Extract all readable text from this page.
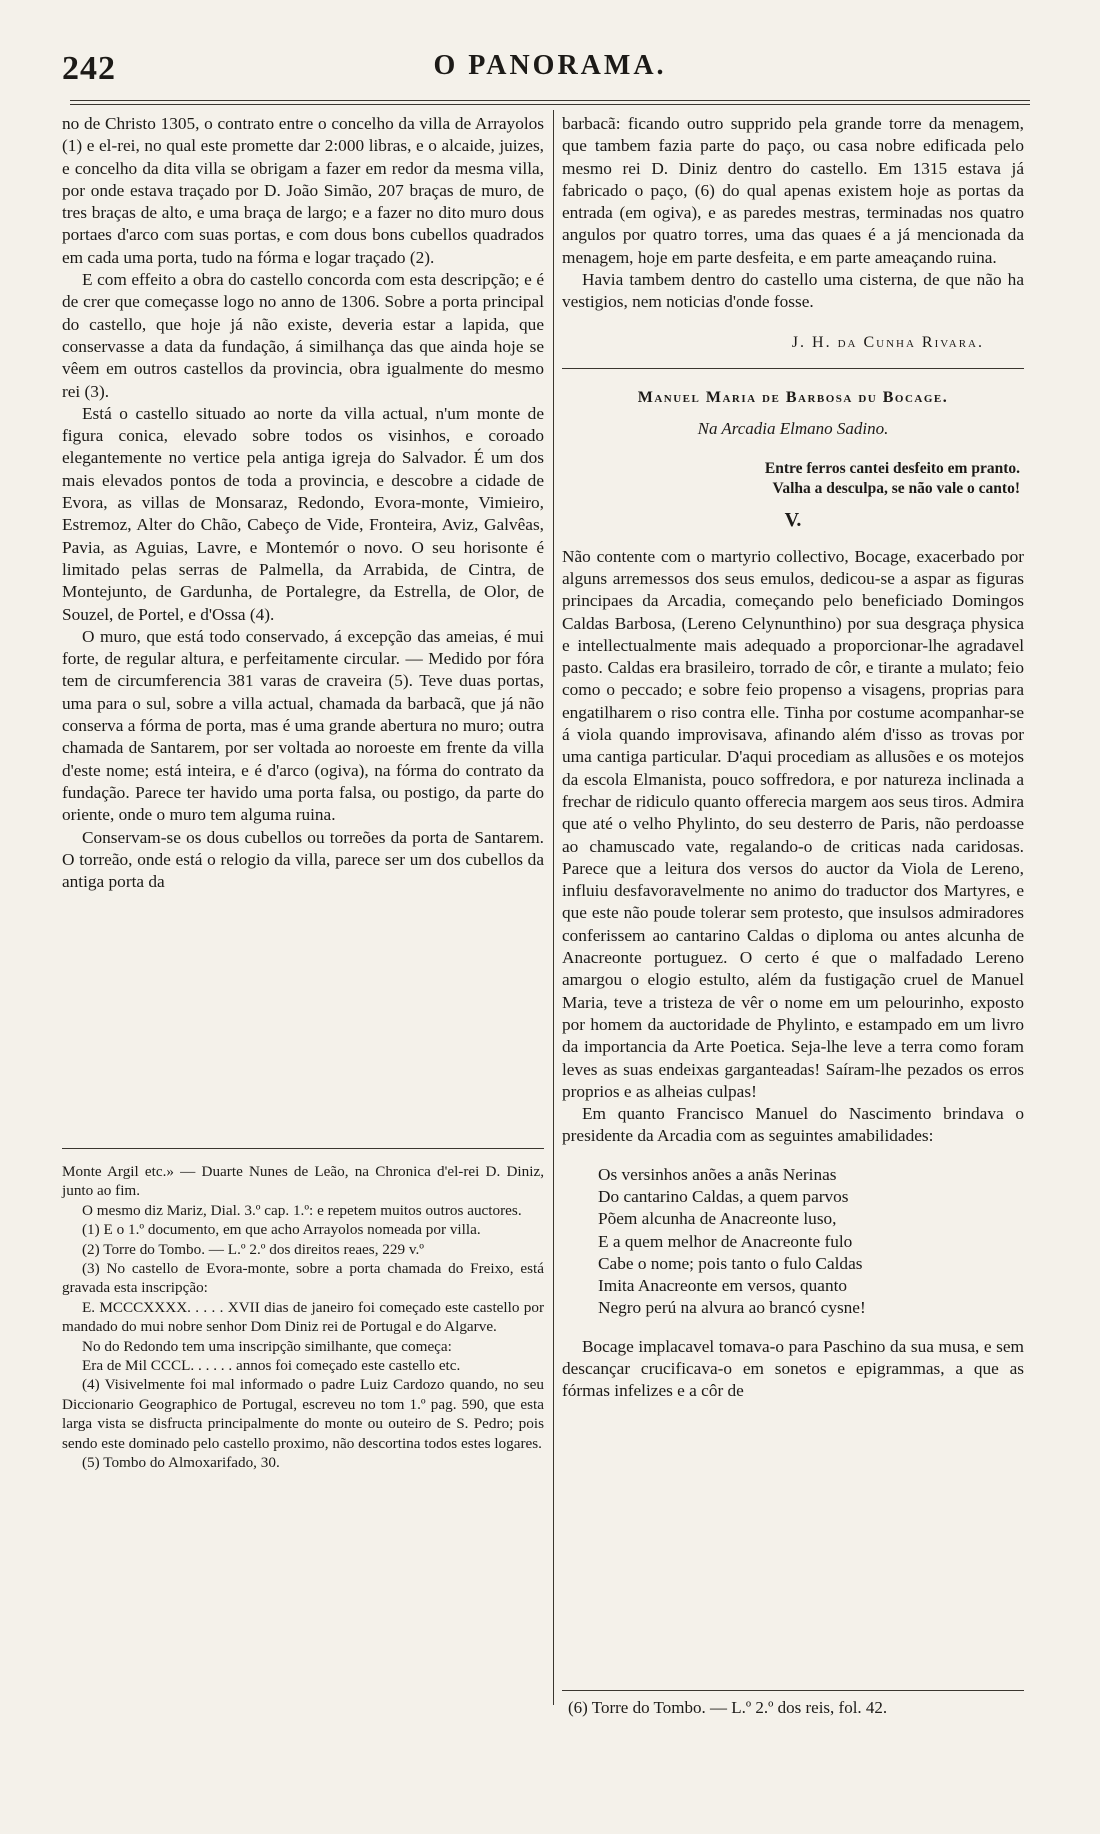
242	O PANORAMA.

no de Christo 1305, o contrato entre o concelho da villa de Arrayolos (1) e el-rei, no qual este promette dar 2:000 libras, e o alcaide, juizes, e concelho da dita villa se obrigam a fazer em redor da mesma villa, por onde estava traçado por D. João Simão, 207 braças de muro, de tres braças de alto, e uma braça de largo; e a fazer no dito muro dous portaes d'arco com suas portas, e com dous bons cubellos quadrados em cada uma porta, tudo na fórma e logar traçado (2).

E com effeito a obra do castello concorda com esta descripção; e é de crer que começasse logo no anno de 1306. Sobre a porta principal do castello, que hoje já não existe, deveria estar a lapida, que conservasse a data da fundação, á similhança das que ainda hoje se vêem em outros castellos da provincia, obra igualmente do mesmo rei (3).

Está o castello situado ao norte da villa actual, n'um monte de figura conica, elevado sobre todos os visinhos, e coroado elegantemente no vertice pela antiga igreja do Salvador. É um dos mais elevados pontos de toda a provincia, e descobre a cidade de Evora, as villas de Monsaraz, Redondo, Evora-monte, Vimieiro, Estremoz, Alter do Chão, Cabeço de Vide, Fronteira, Aviz, Galvêas, Pavia, as Aguias, Lavre, e Montemór o novo. O seu horisonte é limitado pelas serras de Palmella, da Arrabida, de Cintra, de Montejunto, de Gardunha, de Portalegre, da Estrella, de Olor, de Souzel, de Portel, e d'Ossa (4).

O muro, que está todo conservado, á excepção das ameias, é mui forte, de regular altura, e perfeitamente circular. — Medido por fóra tem de circumferencia 381 varas de craveira (5). Teve duas portas, uma para o sul, sobre a villa actual, chamada da barbacã, que já não conserva a fórma de porta, mas é uma grande abertura no muro; outra chamada de Santarem, por ser voltada ao noroeste em frente da villa d'este nome; está inteira, e é d'arco (ogiva), na fórma do contrato da fundação. Parece ter havido uma porta falsa, ou postigo, da parte do oriente, onde o muro tem alguma ruina.

Conservam-se os dous cubellos ou torreões da porta de Santarem. O torreão, onde está o relogio da villa, parece ser um dos cubellos da antiga porta da

Monte Argil etc.» — Duarte Nunes de Leão, na Chronica d'el-rei D. Diniz, junto ao fim.

O mesmo diz Mariz, Dial. 3.º cap. 1.º: e repetem muitos outros auctores.

(1) E o 1.º documento, em que acho Arrayolos nomeada por villa.

(2) Torre do Tombo. — L.º 2.º dos direitos reaes, 229 v.º

(3) No castello de Evora-monte, sobre a porta chamada do Freixo, está gravada esta inscripção:

E. MCCCXXXX. . . . . XVII dias de janeiro foi começado este castello por mandado do mui nobre senhor Dom Diniz rei de Portugal e do Algarve.

No do Redondo tem uma inscripção similhante, que começa:

Era de Mil CCCL. . . . . . annos foi começado este castello etc.

(4) Visivelmente foi mal informado o padre Luiz Cardozo quando, no seu Diccionario Geographico de Portugal, escreveu no tom 1.º pag. 590, que esta larga vista se disfructa principalmente do monte ou outeiro de S. Pedro; pois sendo este dominado pelo castello proximo, não descortina todos estes logares.

(5) Tombo do Almoxarifado, 30.

barbacã: ficando outro supprido pela grande torre da menagem, que tambem fazia parte do paço, ou casa nobre edificada pelo mesmo rei D. Diniz dentro do castello. Em 1315 estava já fabricado o paço, (6) do qual apenas existem hoje as portas da entrada (em ogiva), e as paredes mestras, terminadas nos quatro angulos por quatro torres, uma das quaes é a já mencionada da menagem, hoje em parte desfeita, e em parte ameaçando ruina.

Havia tambem dentro do castello uma cisterna, de que não ha vestigios, nem noticias d'onde fosse.

J. H. da Cunha Rivara.

Manuel Maria de Barbosa du Bocage.

Na Arcadia Elmano Sadino.

Entre ferros cantei desfeito em pranto.
Valha a desculpa, se não vale o canto!

V.

Não contente com o martyrio collectivo, Bocage, exacerbado por alguns arremessos dos seus emulos, dedicou-se a aspar as figuras principaes da Arcadia, começando pelo beneficiado Domingos Caldas Barbosa, (Lereno Celynunthino) por sua desgraça physica e intellectualmente mais adequado a proporcionar-lhe agradavel pasto. Caldas era brasileiro, torrado de côr, e tirante a mulato; feio como o peccado; e sobre feio propenso a visagens, proprias para engatilharem o riso contra elle. Tinha por costume acompanhar-se á viola quando improvisava, afinando além d'isso as trovas por uma cantiga particular. D'aqui procediam as allusões e os motejos da escola Elmanista, pouco soffredora, e por natureza inclinada a frechar de ridiculo quanto offerecia margem aos seus tiros. Admira que até o velho Phylinto, do seu desterro de Paris, não perdoasse ao chamuscado vate, regalando-o de criticas nada caridosas. Parece que a leitura dos versos do auctor da Viola de Lereno, influiu desfavoravelmente no animo do traductor dos Martyres, e que este não poude tolerar sem protesto, que insulsos admiradores conferissem ao cantarino Caldas o diploma ou antes alcunha de Anacreonte portuguez. O certo é que o malfadado Lereno amargou o elogio estulto, além da fustigação cruel de Manuel Maria, teve a tristeza de vêr o nome em um pelourinho, exposto por homem da auctoridade de Phylinto, e estampado em um livro da importancia da Arte Poetica. Seja-lhe leve a terra como foram leves as suas endeixas garganteadas! Saíram-lhe pezados os erros proprios e as alheias culpas!

Em quanto Francisco Manuel do Nascimento brindava o presidente da Arcadia com as seguintes amabilidades:

Os versinhos anões a anãs Nerinas
Do cantarino Caldas, a quem parvos
Põem alcunha de Anacreonte luso,
E a quem melhor de Anacreonte fulo
Cabe o nome; pois tanto o fulo Caldas
Imita Anacreonte em versos, quanto
Negro perú na alvura ao brancó cysne!

Bocage implacavel tomava-o para Paschino da sua musa, e sem descançar crucificava-o em sonetos e epigrammas, a que as fórmas infelizes e a côr de

(6) Torre do Tombo. — L.º 2.º dos reis, fol. 42.
